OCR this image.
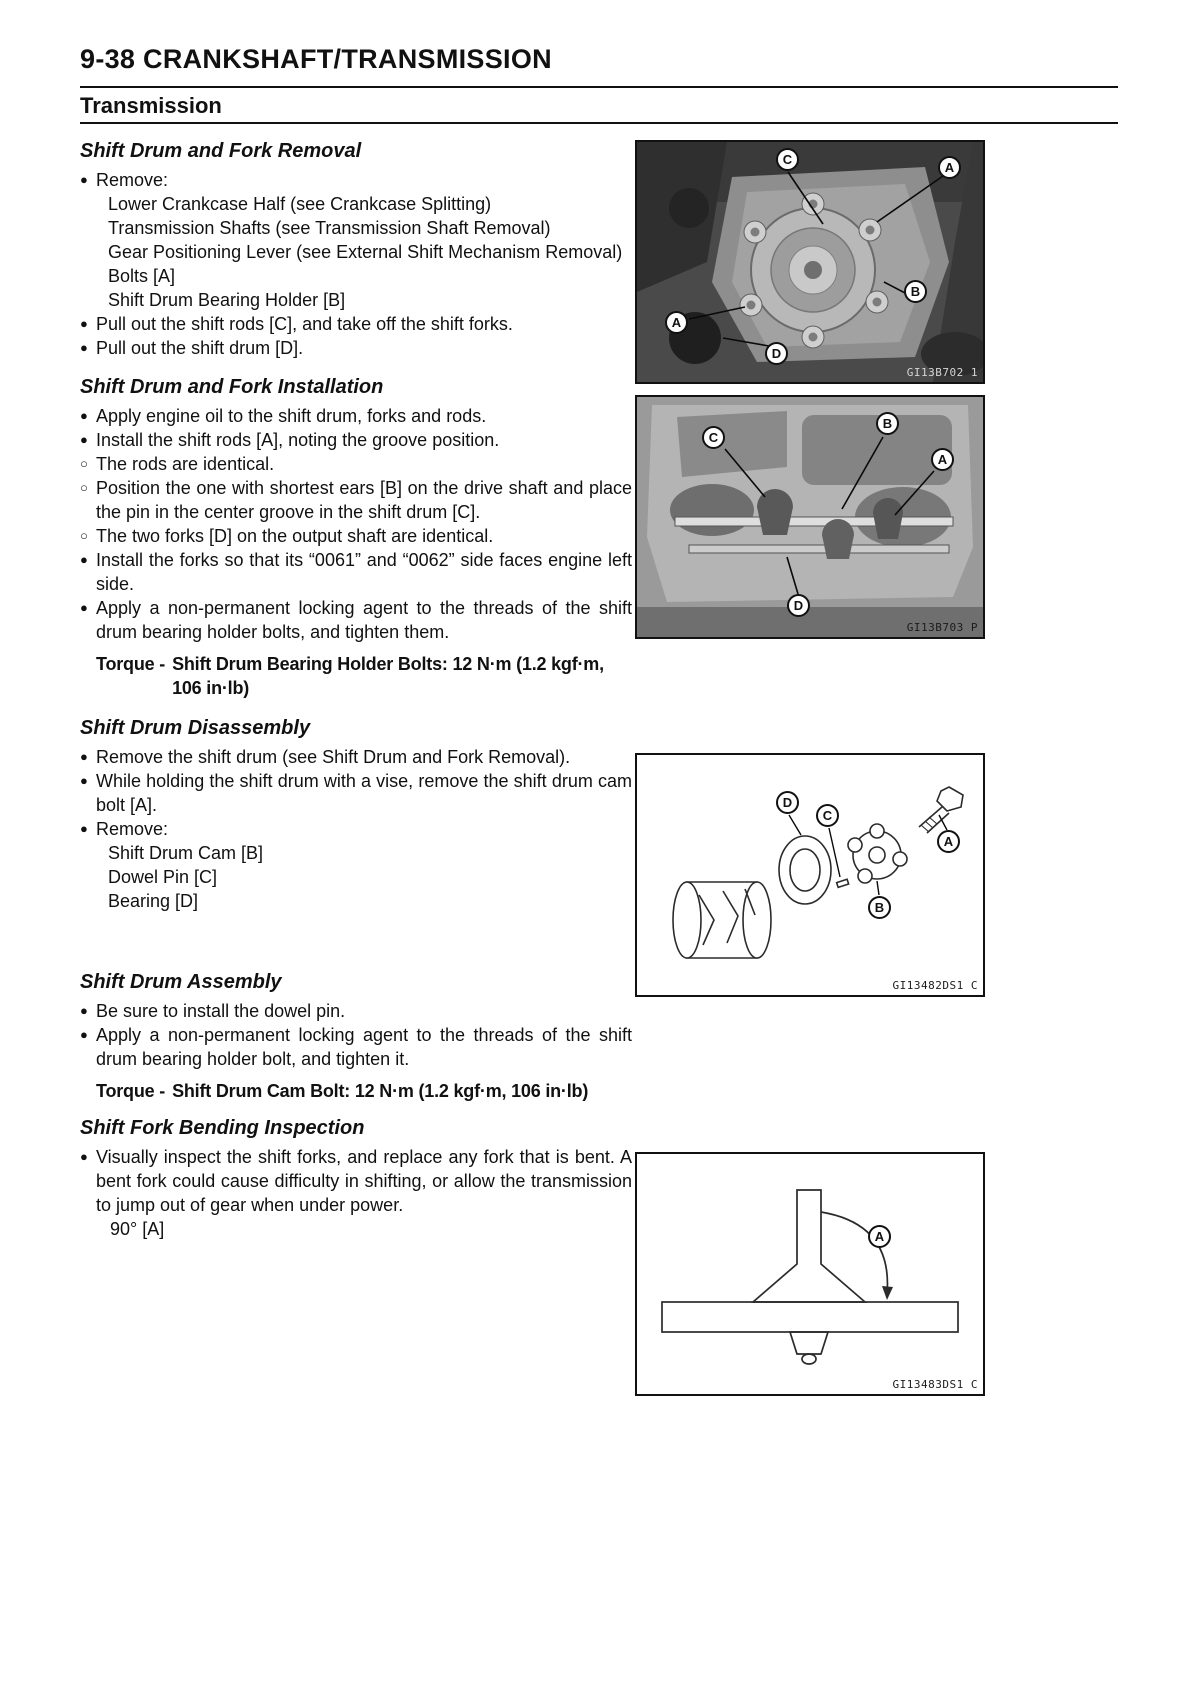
9-38 CRANKSHAFT/TRANSMISSION
Transmission
Shift Drum and Fork Removal
● Remove:
Lower Crankcase Half (see Crankcase Splitting)
Transmission Shafts (see Transmission Shaft Removal)
Gear Positioning Lever (see External Shift Mechanism Removal)
Bolts [A]
Shift Drum Bearing Holder [B]
● Pull out the shift rods [C], and take off the shift forks.
● Pull out the shift drum [D].
Shift Drum and Fork Installation
● Apply engine oil to the shift drum, forks and rods.
● Install the shift rods [A], noting the groove position.
○ The rods are identical.
○ Position the one with shortest ears [B] on the drive shaft and place the pin in the center groove in the shift drum [C].
○ The two forks [D] on the output shaft are identical.
● Install the forks so that its “0061” and “0062” side faces engine left side.
● Apply a non-permanent locking agent to the threads of the shift drum bearing holder bolts, and tighten them.
Torque - Shift Drum Bearing Holder Bolts: 12 N·m (1.2 kgf·m, 106 in·lb)
Shift Drum Disassembly
● Remove the shift drum (see Shift Drum and Fork Removal).
● While holding the shift drum with a vise, remove the shift drum cam bolt [A].
● Remove:
Shift Drum Cam [B]
Dowel Pin [C]
Bearing [D]
Shift Drum Assembly
● Be sure to install the dowel pin.
● Apply a non-permanent locking agent to the threads of the shift drum bearing holder bolt, and tighten it.
Torque - Shift Drum Cam Bolt: 12 N·m (1.2 kgf·m, 106 in·lb)
Shift Fork Bending Inspection
● Visually inspect the shift forks, and replace any fork that is bent. A bent fork could cause difficulty in shifting, or allow the transmission to jump out of gear when under power.
90° [A]
C
A
B
A
D
GI13B702 1
C
B
A
D
GI13B703 P
D
C
A
B
GI13482DS1 C
A
GI13483DS1 C
